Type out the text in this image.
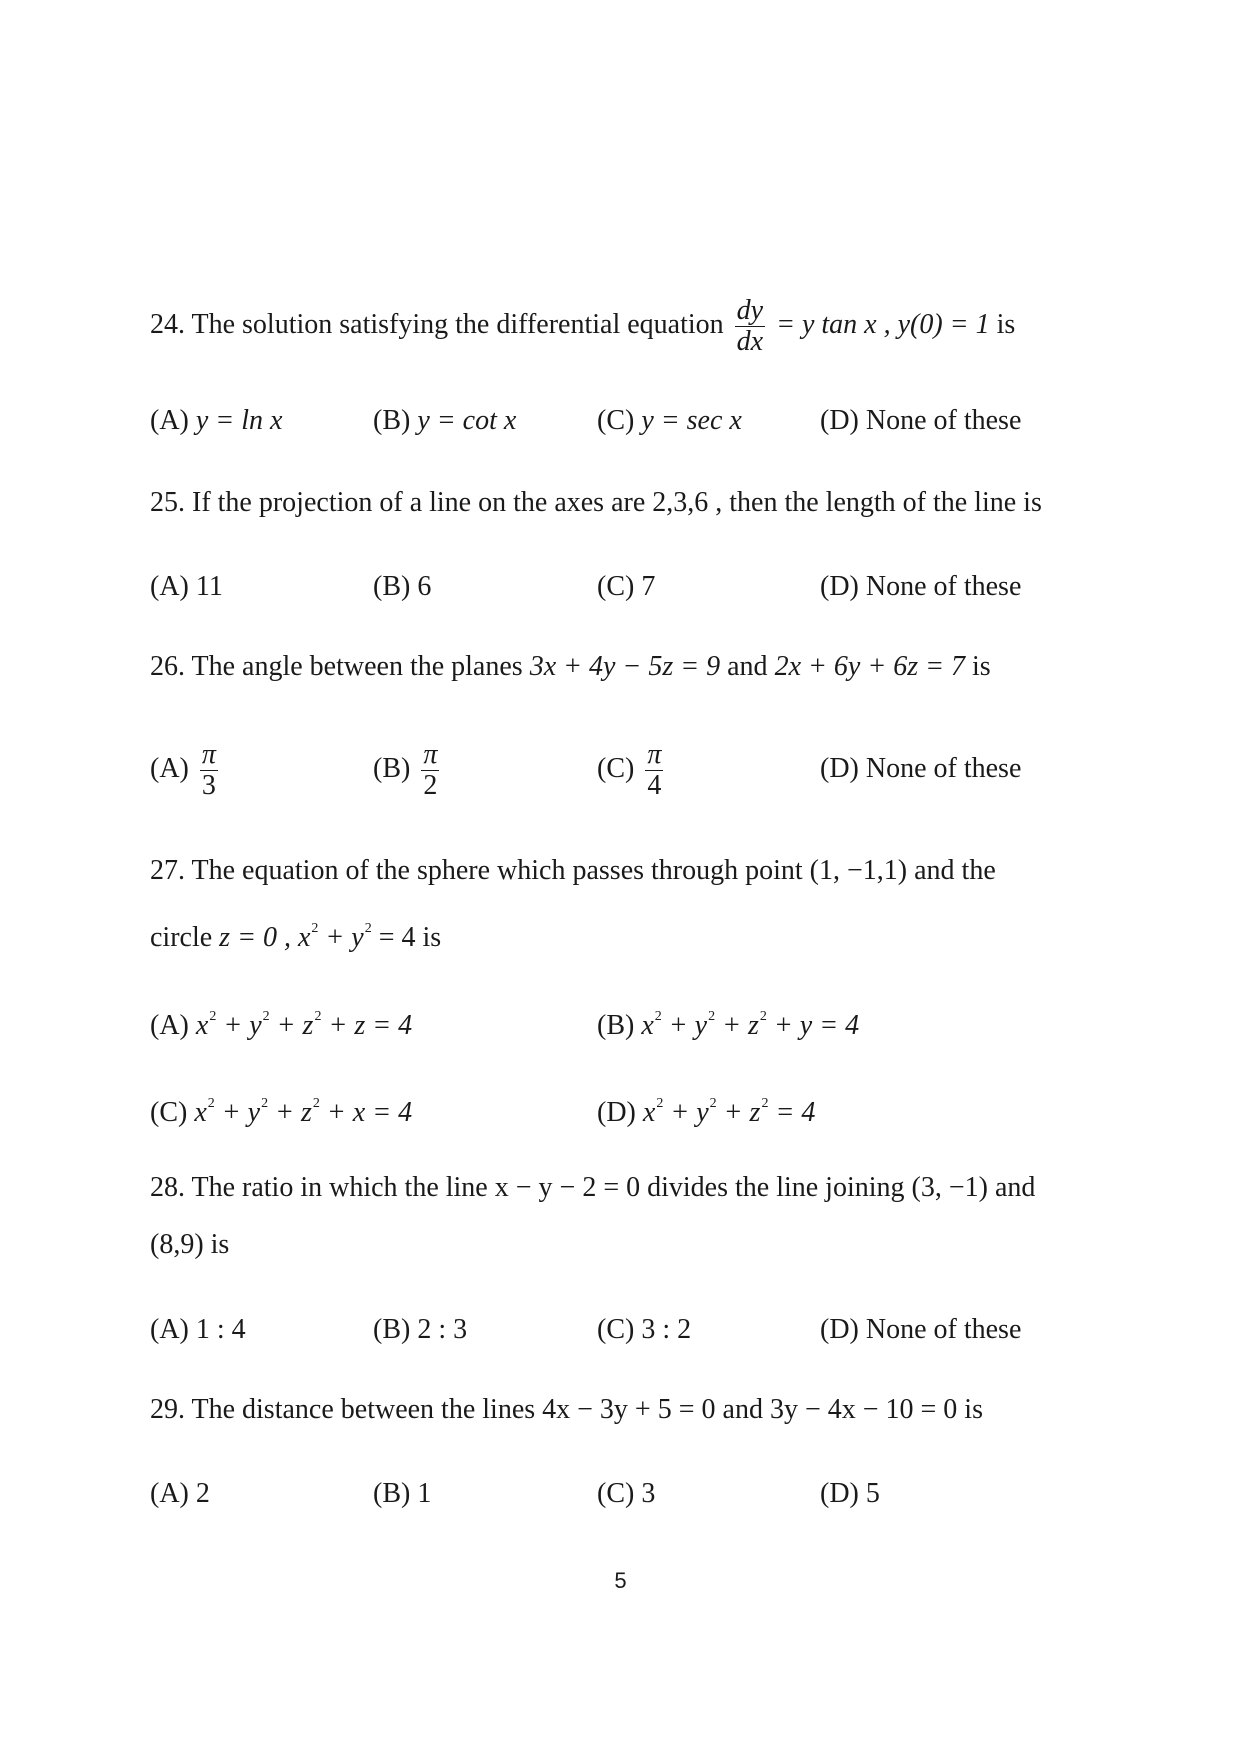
24. The solution satisfying the differential equation $\frac{dy}{dx} = y$ tan x , y(0) = 1 is
(A) y = ln x	(B) y = cot x	(C) y = sec x	(D) None of these
25. If the projection of a line on the axes are 2,3,6 , then the length of the line is
(A) 11	(B) 6	(C) 7	(D) None of these
26. The angle between the planes 3x + 4y − 5z = 9 and 2x + 6y + 6z = 7 is
$(A) \frac{\pi}{3}$	$(B) \frac{\pi}{2}$	$(C) \frac{\pi}{4}$	(D) None of these
27. The equation of the sphere which passes through point (1, −1,1) and the
circle z = 0 , $x^2 + y^2 = 4$ is
(A) $x^2 + y^2 + z^2 + z = 4$	(B) $x^2 + y^2 + z^2 + y = 4$
(C) $x^2 + y^2 + z^2 + x = 4$	(D) $x^2 + y^2 + z^2 = 4$
28. The ratio in which the line x − y − 2 = 0 divides the line joining (3, −1) and
(8,9) is
(A) 1 : 4	(B) 2 : 3	(C) 3 : 2	(D) None of these
29. The distance between the lines 4x − 3y + 5 = 0 and 3y − 4x − 10 = 0 is
(A) 2	(B) 1	(C) 3	(D) 5
5
